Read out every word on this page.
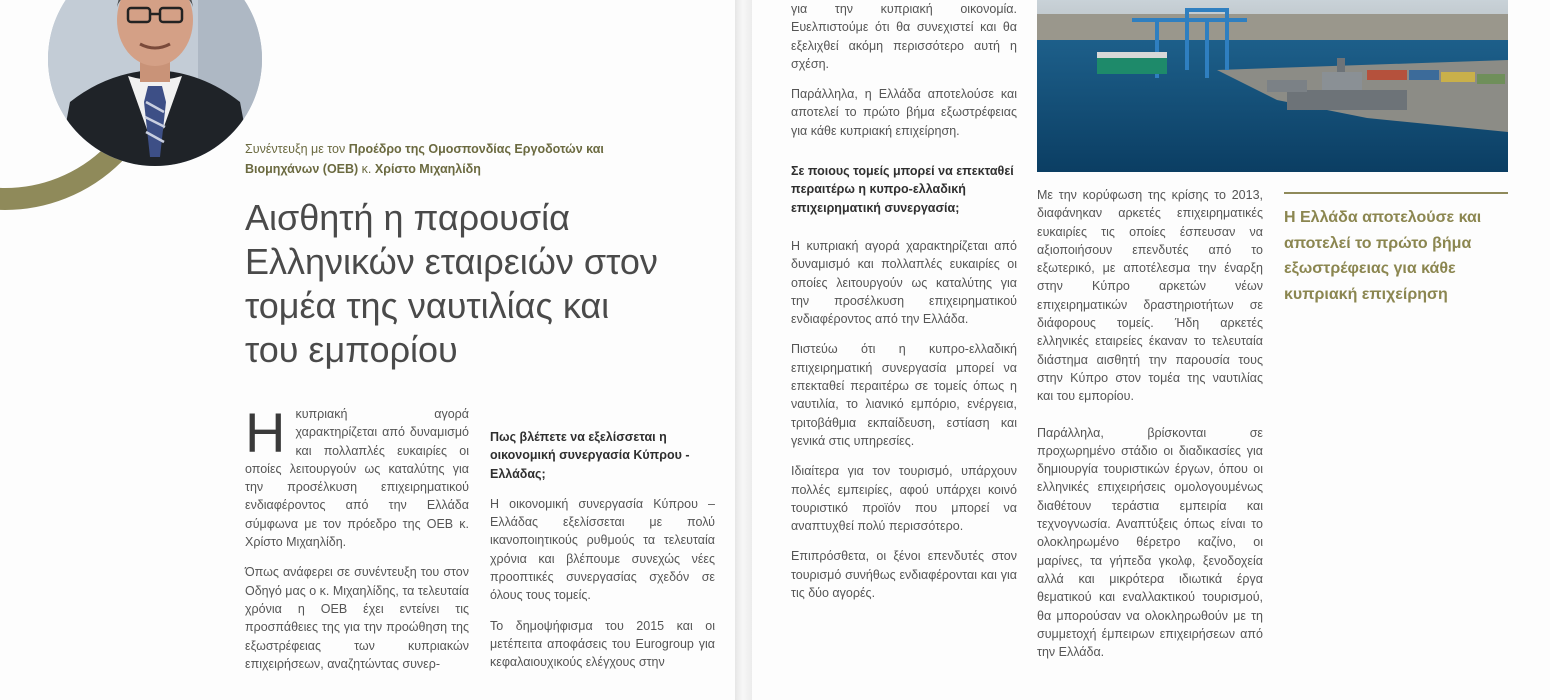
Συνέντευξη με τον Προέδρο της Ομοσπονδίας Εργοδοτών και
Βιομηχάνων (ΟΕΒ) κ. Χρίστο Μιχαηλίδη
Αισθητή η παρουσία
Ελληνικών εταιρειών στον
τομέα της ναυτιλίας και
του εμπορίου

Ηκυπριακή αγορά χαρακτηρίζεται από δυναμισμό και πολλαπλές ευκαιρίες οι οποίες λειτουργούν ως καταλύτης για την προσέλκυση επιχειρηματικού ενδιαφέροντος από την Ελλάδα σύμφωνα με τον πρόεδρο της ΟΕΒ κ. Χρίστο Μιχαηλίδη.

Όπως ανάφερει σε συνέντευξη του στον Οδηγό μας ο κ. Μιχαηλίδης, τα τελευταία χρόνια η ΟΕΒ έχει εντείνει τις προσπάθειες της για την προώθηση της εξωστρέφειας των κυπριακών επιχειρήσεων, αναζητώντας συνερ-

Πως βλέπετε να εξελίσσεται η οικονομική συνεργασία Κύπρου - Ελλάδας;

Η οικονομική συνεργασία Κύπρου – Ελλάδας εξελίσσεται με πολύ ικανοποιητικούς ρυθμούς τα τελευταία χρόνια και βλέπουμε συνεχώς νέες προοπτικές συνεργασίας σχεδόν σε όλους τους τομείς.

Το δημοψήφισμα του 2015 και οι μετέπειτα αποφάσεις του Eurogroup για κεφαλαιουχικούς ελέγχους στην

για την κυπριακή οικονομία. Ευελπιστούμε ότι θα συνεχιστεί και θα εξελιχθεί ακόμη περισσότερο αυτή η σχέση.

Παράλληλα, η Ελλάδα αποτελούσε και αποτελεί το πρώτο βήμα εξωστρέφειας για κάθε κυπριακή επιχείρηση.

Σε ποιους τομείς μπορεί να επεκταθεί περαιτέρω η κυπρο-ελλαδική επιχειρηματική συνεργασία;

Η κυπριακή αγορά χαρακτηρίζεται από δυναμισμό και πολλαπλές ευκαιρίες οι οποίες λειτουργούν ως καταλύτης για την προσέλκυση επιχειρηματικού ενδιαφέροντος από την Ελλάδα.

Πιστεύω ότι η κυπρο-ελλαδική επιχειρηματική συνεργασία μπορεί να επεκταθεί περαιτέρω σε τομείς όπως η ναυτιλία, το λιανικό εμπόριο, ενέργεια, τριτοβάθμια εκπαίδευση, εστίαση και γενικά στις υπηρεσίες.

Ιδιαίτερα για τον τουρισμό, υπάρχουν πολλές εμπειρίες, αφού υπάρχει κοινό τουριστικό προϊόν που μπορεί να αναπτυχθεί πολύ περισσότερο.

Επιπρόσθετα, οι ξένοι επενδυτές στον τουρισμό συνήθως ενδιαφέρονται και για τις δύο αγορές.

Με την κορύφωση της κρίσης το 2013, διαφάνηκαν αρκετές επιχειρηματικές ευκαιρίες τις οποίες έσπευσαν να αξιοποιήσουν επενδυτές από το εξωτερικό, με αποτέλεσμα την έναρξη στην Κύπρο αρκετών νέων επιχειρηματικών δραστηριοτήτων σε διάφορους τομείς. Ήδη αρκετές ελληνικές εταιρείες έκαναν το τελευταία διάστημα αισθητή την παρουσία τους στην Κύπρο στον τομέα της ναυτιλίας και του εμπορίου.

Παράλληλα, βρίσκονται σε προχωρημένο στάδιο οι διαδικασίες για δημιουργία τουριστικών έργων, όπου οι ελληνικές επιχειρήσεις ομολογουμένως διαθέτουν τεράστια εμπειρία και τεχνογνωσία. Αναπτύξεις όπως είναι το ολοκληρωμένο θέρετρο καζίνο, οι μαρίνες, τα γήπεδα γκολφ, ξενοδοχεία αλλά και μικρότερα ιδιωτικά έργα θεματικού και εναλλακτικού τουρισμού, θα μπορούσαν να ολοκληρωθούν με τη συμμετοχή έμπειρων επιχειρήσεων από την Ελλάδα.

Η Ελλάδα αποτελούσε και αποτελεί το πρώτο βήμα εξωστρέφειας για κάθε κυπριακή επιχείρηση
